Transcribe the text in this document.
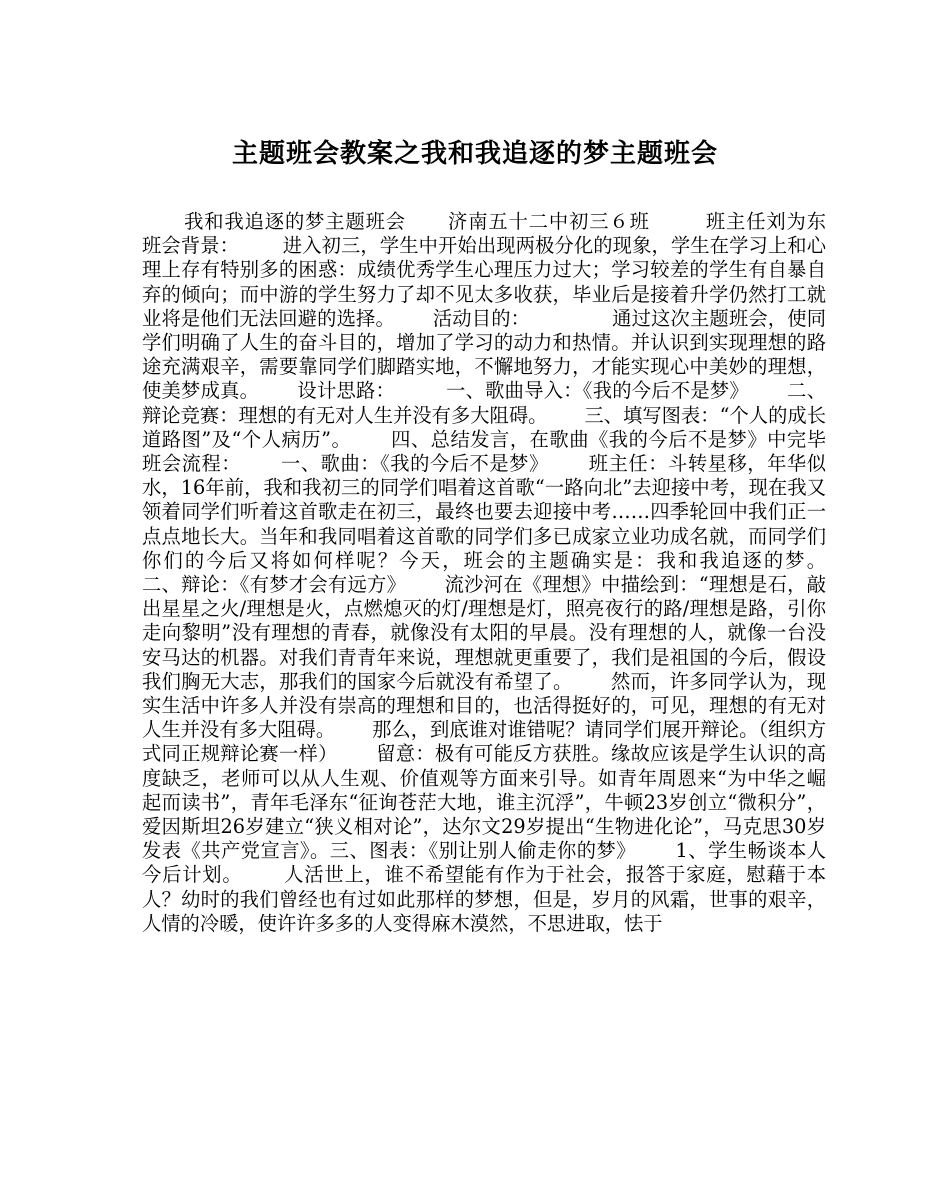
主题班会教案之我和我追逐的梦主题班会

我和我追逐的梦主题班会      济南五十二中初三６班        班主任刘为东              班会背景：       进入初三，学生中开始出现两极分化的现象，学生在学习上和心理上存有特别多的困惑：成绩优秀学生心理压力过大；学习较差的学生有自暴自弃的倾向；而中游的学生努力了却不见太多收获，毕业后是接着升学仍然打工就业将是他们无法回避的选择。      活动目的：             通过这次主题班会，使同学们明确了人生的奋斗目的，增加了学习的动力和热情。并认识到实现理想的路途充满艰辛，需要靠同学们脚踏实地，不懈地努力，才能实现心中美妙的理想，使美梦成真。      设计思路：        一、歌曲导入：《我的今后不是梦》      二、辩论竞赛：理想的有无对人生并没有多大阻碍。      三、填写图表：“个人的成长道路图”及“个人病历”。      四、总结发言，在歌曲《我的今后不是梦》中完毕      班会流程：      一、歌曲：《我的今后不是梦》      班主任：斗转星移，年华似水，16年前，我和我初三的同学们唱着这首歌“一路向北”去迎接中考，现在我又领着同学们听着这首歌走在初三，最终也要去迎接中考……四季轮回中我们正一点点地长大。当年和我同唱着这首歌的同学们多已成家立业功成名就，而同学们你们的今后又将如何样呢？今天，班会的主题确实是：我和我追逐的梦。      二、辩论：《有梦才会有远方》      流沙河在《理想》中描绘到：“理想是石，敲出星星之火/理想是火，点燃熄灭的灯/理想是灯，照亮夜行的路/理想是路，引你走向黎明”没有理想的青春，就像没有太阳的早晨。没有理想的人，就像一台没安马达的机器。对我们青青年来说，理想就更重要了，我们是祖国的今后，假设我们胸无大志，那我们的国家今后就没有希望了。      然而，许多同学认为，现实生活中许多人并没有崇高的理想和目的，也活得挺好的，可见，理想的有无对人生并没有多大阻碍。      那么，到底谁对谁错呢？请同学们展开辩论。（组织方式同正规辩论赛一样）      留意：极有可能反方获胜。缘故应该是学生认识的高度缺乏，老师可以从人生观、价值观等方面来引导。如青年周恩来“为中华之崛起而读书”，青年毛泽东“征询苍茫大地，谁主沉浮”，牛顿23岁创立“微积分”，爱因斯坦26岁建立“狭义相对论”，达尔文29岁提出“生物进化论”，马克思30岁发表《共产党宣言》。三、图表：《别让别人偷走你的梦》      1、学生畅谈本人今后计划。      人活世上，谁不希望能有作为于社会，报答于家庭，慰藉于本人？幼时的我们曾经也有过如此那样的梦想，但是，岁月的风霜，世事的艰辛，人情的冷暖，使许许多多的人变得麻木漠然，不思进取，怯于
